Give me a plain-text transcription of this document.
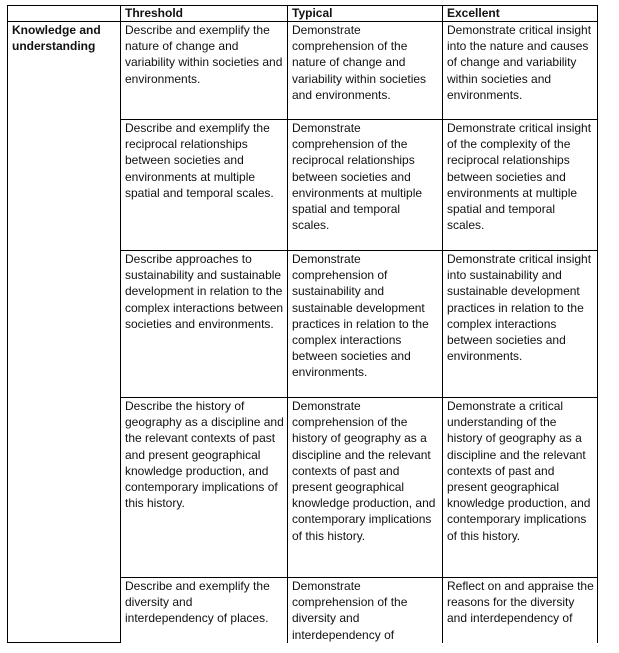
	Threshold	Typical	Excellent
Knowledge and understanding	Describe and exemplify the nature of change and variability within societies and environments.	Demonstrate comprehension of the nature of change and variability within societies and environments.	Demonstrate critical insight into the nature and causes of change and variability within societies and environments.
	Describe and exemplify the reciprocal relationships between societies and environments at multiple spatial and temporal scales.	Demonstrate comprehension of the reciprocal relationships between societies and environments at multiple spatial and temporal scales.	Demonstrate critical insight of the complexity of the reciprocal relationships between societies and environments at multiple spatial and temporal scales.
	Describe approaches to sustainability and sustainable development in relation to the complex interactions between societies and environments.	Demonstrate comprehension of sustainability and sustainable development practices in relation to the complex interactions between societies and environments.	Demonstrate critical insight into sustainability and sustainable development practices in relation to the complex interactions between societies and environments.
	Describe the history of geography as a discipline and the relevant contexts of past and present geographical knowledge production, and contemporary implications of this history.	Demonstrate comprehension of the history of geography as a discipline and the relevant contexts of past and present geographical knowledge production, and contemporary implications of this history.	Demonstrate a critical understanding of the history of geography as a discipline and the relevant contexts of past and present geographical knowledge production, and contemporary implications of this history.
	Describe and exemplify the diversity and interdependency of places.	Demonstrate comprehension of the diversity and interdependency of	Reflect on and appraise the reasons for the diversity and interdependency of
